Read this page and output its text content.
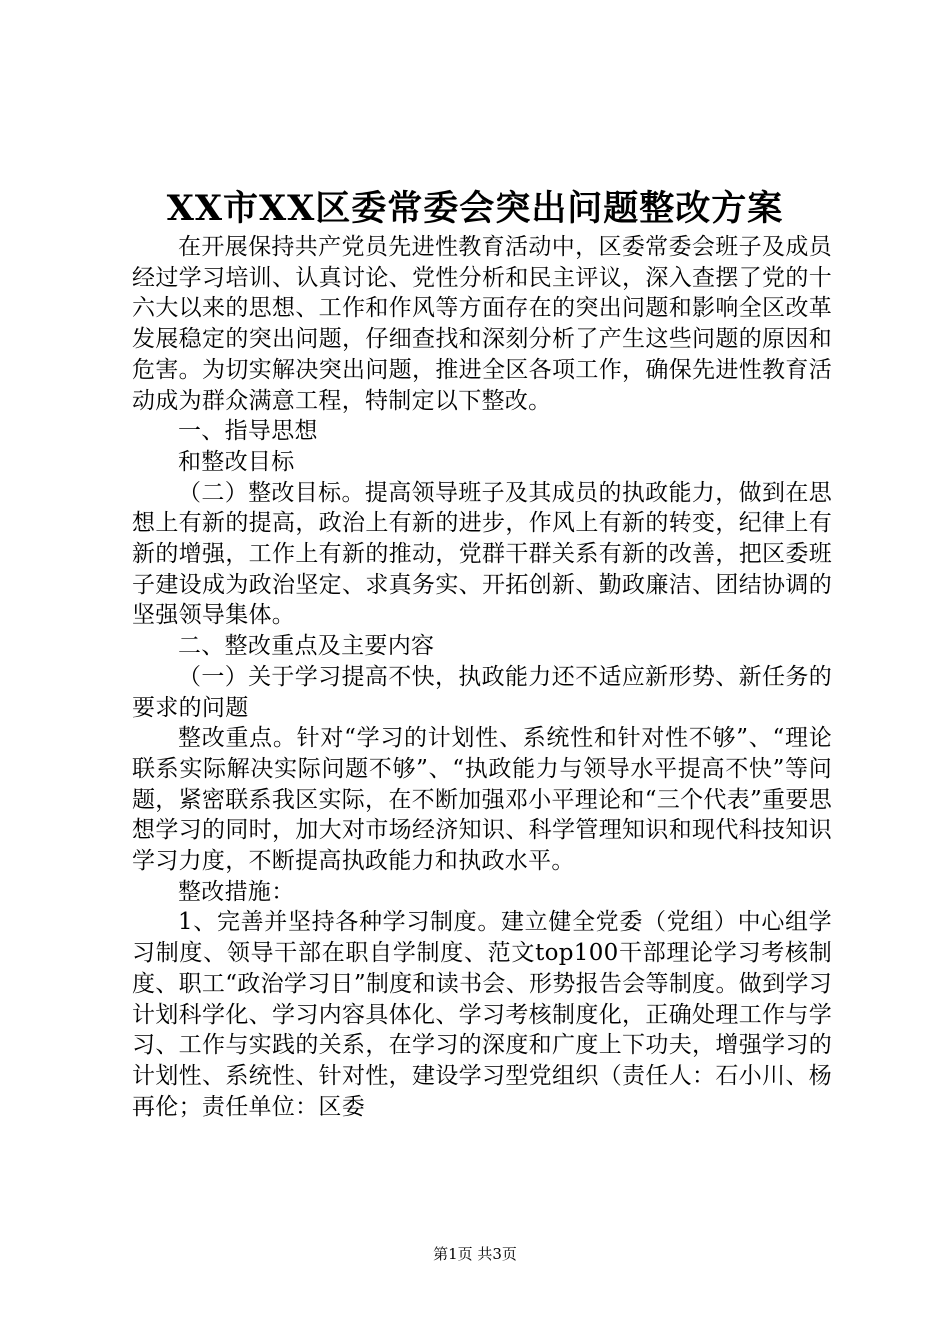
XX市XX区委常委会突出问题整改方案

在开展保持共产党员先进性教育活动中，区委常委会班子及成员经过学习培训、认真讨论、党性分析和民主评议，深入查摆了党的十六大以来的思想、工作和作风等方面存在的突出问题和影响全区改革发展稳定的突出问题，仔细查找和深刻分析了产生这些问题的原因和危害。为切实解决突出问题，推进全区各项工作，确保先进性教育活动成为群众满意工程，特制定以下整改。

一、指导思想

和整改目标

（二）整改目标。提高领导班子及其成员的执政能力，做到在思想上有新的提高，政治上有新的进步，作风上有新的转变，纪律上有新的增强，工作上有新的推动，党群干群关系有新的改善，把区委班子建设成为政治坚定、求真务实、开拓创新、勤政廉洁、团结协调的坚强领导集体。

二、整改重点及主要内容

（一）关于学习提高不快，执政能力还不适应新形势、新任务的要求的问题

整改重点。针对“学习的计划性、系统性和针对性不够”、“理论联系实际解决实际问题不够”、“执政能力与领导水平提高不快”等问题，紧密联系我区实际，在不断加强邓小平理论和“三个代表”重要思想学习的同时，加大对市场经济知识、科学管理知识和现代科技知识学习力度，不断提高执政能力和执政水平。

整改措施：

1、完善并坚持各种学习制度。建立健全党委（党组）中心组学习制度、领导干部在职自学制度、范文top100干部理论学习考核制度、职工“政治学习日”制度和读书会、形势报告会等制度。做到学习计划科学化、学习内容具体化、学习考核制度化，正确处理工作与学习、工作与实践的关系，在学习的深度和广度上下功夫，增强学习的计划性、系统性、针对性，建设学习型党组织（责任人：石小川、杨再伦；责任单位：区委

第1页 共3页
